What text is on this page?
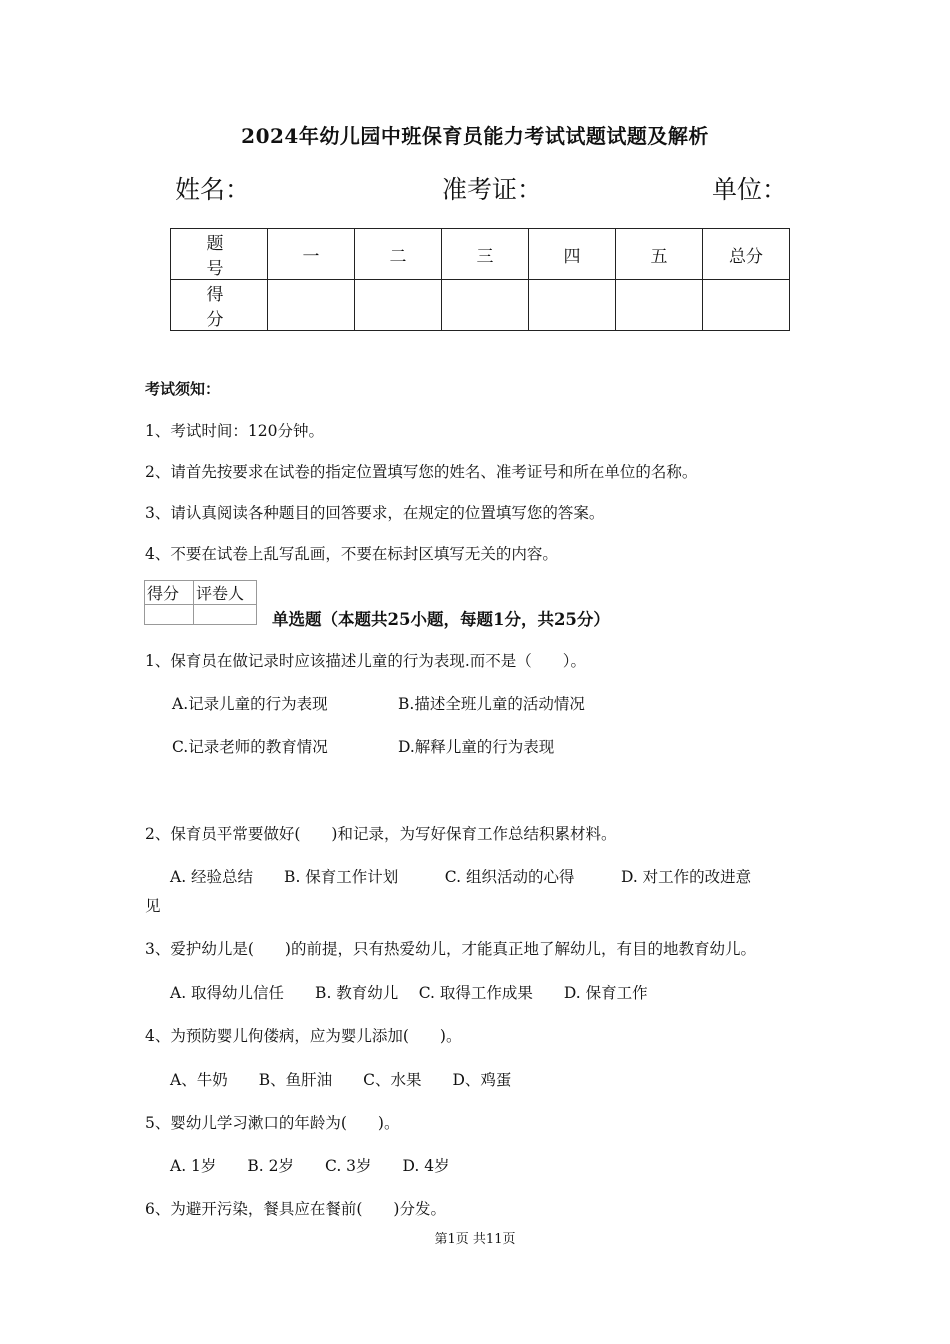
2024年幼儿园中班保育员能力考试试题试题及解析
姓名：	准考证：	单位：
题　号	一	二	三	四	五	总分
得　分						
考试须知：
1、考试时间：120分钟。
2、请首先按要求在试卷的指定位置填写您的姓名、准考证号和所在单位的名称。
3、请认真阅读各种题目的回答要求，在规定的位置填写您的答案。
4、不要在试卷上乱写乱画，不要在标封区填写无关的内容。
得分	评卷人

单选题（本题共25小题，每题1分，共25分）
1、保育员在做记录时应该描述儿童的行为表现.而不是（　　）。
A.记录儿童的行为表现	B.描述全班儿童的活动情况
C.记录老师的教育情况	D.解释儿童的行为表现
2、保育员平常要做好(　　)和记录，为写好保育工作总结积累材料。
A. 经验总结　　B. 保育工作计划　　　C. 组织活动的心得　　　D. 对工作的改进意
见
3、爱护幼儿是(　　)的前提，只有热爱幼儿，才能真正地了解幼儿，有目的地教育幼儿。
A. 取得幼儿信任　　B. 教育幼儿　 C. 取得工作成果　　D. 保育工作
4、为预防婴儿佝偻病，应为婴儿添加(　　)。
A、牛奶　　B、鱼肝油　　C、水果　　D、鸡蛋
5、婴幼儿学习漱口的年龄为(　　)。
A. 1岁　　B. 2岁　　C. 3岁　　D. 4岁
6、为避开污染，餐具应在餐前(　　)分发。
第1页 共11页
